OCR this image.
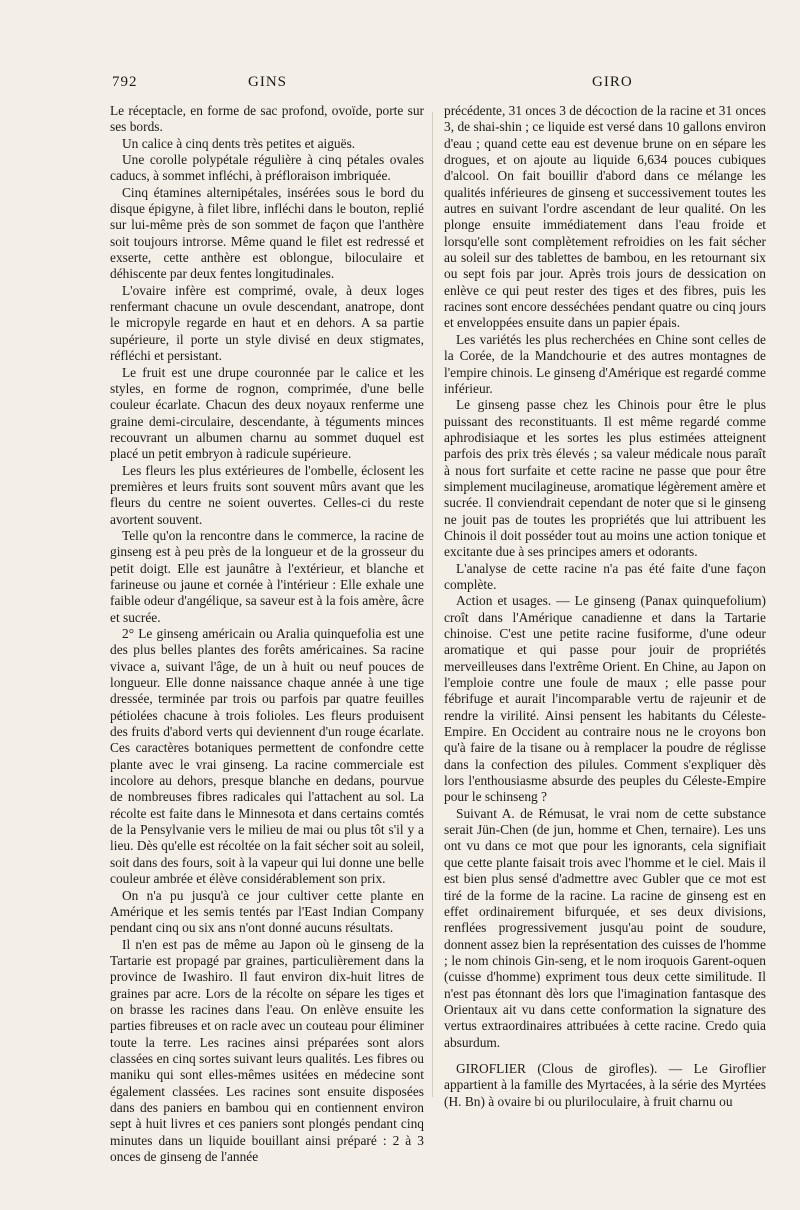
792	GINS	GIRO

Le réceptacle, en forme de sac profond, ovoïde, porte sur ses bords.

Un calice à cinq dents très petites et aiguës.

Une corolle polypétale régulière à cinq pétales ovales caducs, à sommet infléchi, à préfloraison imbriquée.

Cinq étamines alternipétales, insérées sous le bord du disque épigyne, à filet libre, infléchi dans le bouton, replié sur lui-même près de son sommet de façon que l'anthère soit toujours introrse. Même quand le filet est redressé et exserte, cette anthère est oblongue, biloculaire et déhiscente par deux fentes longitudinales.

L'ovaire infère est comprimé, ovale, à deux loges renfermant chacune un ovule descendant, anatrope, dont le micropyle regarde en haut et en dehors. A sa partie supérieure, il porte un style divisé en deux stigmates, réfléchi et persistant.

Le fruit est une drupe couronnée par le calice et les styles, en forme de rognon, comprimée, d'une belle couleur écarlate. Chacun des deux noyaux renferme une graine demi-circulaire, descendante, à téguments minces recouvrant un albumen charnu au sommet duquel est placé un petit embryon à radicule supérieure.

Les fleurs les plus extérieures de l'ombelle, éclosent les premières et leurs fruits sont souvent mûrs avant que les fleurs du centre ne soient ouvertes. Celles-ci du reste avortent souvent.

Telle qu'on la rencontre dans le commerce, la racine de ginseng est à peu près de la longueur et de la grosseur du petit doigt. Elle est jaunâtre à l'extérieur, et blanche et farineuse ou jaune et cornée à l'intérieur : Elle exhale une faible odeur d'angélique, sa saveur est à la fois amère, âcre et sucrée.

2° Le ginseng américain ou Aralia quinquefolia est une des plus belles plantes des forêts américaines. Sa racine vivace a, suivant l'âge, de un à huit ou neuf pouces de longueur. Elle donne naissance chaque année à une tige dressée, terminée par trois ou parfois par quatre feuilles pétiolées chacune à trois folioles. Les fleurs produisent des fruits d'abord verts qui deviennent d'un rouge écarlate. Ces caractères botaniques permettent de confondre cette plante avec le vrai ginseng. La racine commerciale est incolore au dehors, presque blanche en dedans, pourvue de nombreuses fibres radicales qui l'attachent au sol. La récolte est faite dans le Minnesota et dans certains comtés de la Pensylvanie vers le milieu de mai ou plus tôt s'il y a lieu. Dès qu'elle est récoltée on la fait sécher soit au soleil, soit dans des fours, soit à la vapeur qui lui donne une belle couleur ambrée et élève considérablement son prix.

On n'a pu jusqu'à ce jour cultiver cette plante en Amérique et les semis tentés par l'East Indian Company pendant cinq ou six ans n'ont donné aucuns résultats.

Il n'en est pas de même au Japon où le ginseng de la Tartarie est propagé par graines, particulièrement dans la province de Iwashiro. Il faut environ dix-huit litres de graines par acre. Lors de la récolte on sépare les tiges et on brasse les racines dans l'eau. On enlève ensuite les parties fibreuses et on racle avec un couteau pour éliminer toute la terre. Les racines ainsi préparées sont alors classées en cinq sortes suivant leurs qualités. Les fibres ou maniku qui sont elles-mêmes usitées en médecine sont également classées. Les racines sont ensuite disposées dans des paniers en bambou qui en contiennent environ sept à huit livres et ces paniers sont plongés pendant cinq minutes dans un liquide bouillant ainsi préparé : 2 à 3 onces de ginseng de l'année

précédente, 31 onces 3 de décoction de la racine et 31 onces 3, de shai-shin ; ce liquide est versé dans 10 gallons environ d'eau ; quand cette eau est devenue brune on en sépare les drogues, et on ajoute au liquide 6,634 pouces cubiques d'alcool. On fait bouillir d'abord dans ce mélange les qualités inférieures de ginseng et successivement toutes les autres en suivant l'ordre ascendant de leur qualité. On les plonge ensuite immédiatement dans l'eau froide et lorsqu'elle sont complètement refroidies on les fait sécher au soleil sur des tablettes de bambou, en les retournant six ou sept fois par jour. Après trois jours de dessication on enlève ce qui peut rester des tiges et des fibres, puis les racines sont encore desséchées pendant quatre ou cinq jours et enveloppées ensuite dans un papier épais.

Les variétés les plus recherchées en Chine sont celles de la Corée, de la Mandchourie et des autres montagnes de l'empire chinois. Le ginseng d'Amérique est regardé comme inférieur.

Le ginseng passe chez les Chinois pour être le plus puissant des reconstituants. Il est même regardé comme aphrodisiaque et les sortes les plus estimées atteignent parfois des prix très élevés ; sa valeur médicale nous paraît à nous fort surfaite et cette racine ne passe que pour être simplement mucilagineuse, aromatique légèrement amère et sucrée. Il conviendrait cependant de noter que si le ginseng ne jouit pas de toutes les propriétés que lui attribuent les Chinois il doit posséder tout au moins une action tonique et excitante due à ses principes amers et odorants.

L'analyse de cette racine n'a pas été faite d'une façon complète.

Action et usages. — Le ginseng (Panax quinquefolium) croît dans l'Amérique canadienne et dans la Tartarie chinoise. C'est une petite racine fusiforme, d'une odeur aromatique et qui passe pour jouir de propriétés merveilleuses dans l'extrême Orient. En Chine, au Japon on l'emploie contre une foule de maux ; elle passe pour fébrifuge et aurait l'incomparable vertu de rajeunir et de rendre la virilité. Ainsi pensent les habitants du Céleste-Empire. En Occident au contraire nous ne le croyons bon qu'à faire de la tisane ou à remplacer la poudre de réglisse dans la confection des pilules. Comment s'expliquer dès lors l'enthousiasme absurde des peuples du Céleste-Empire pour le schinseng ?

Suivant A. de Rémusat, le vrai nom de cette substance serait Jün-Chen (de jun, homme et Chen, ternaire). Les uns ont vu dans ce mot que pour les ignorants, cela signifiait que cette plante faisait trois avec l'homme et le ciel. Mais il est bien plus sensé d'admettre avec Gubler que ce mot est tiré de la forme de la racine. La racine de ginseng est en effet ordinairement bifurquée, et ses deux divisions, renflées progressivement jusqu'au point de soudure, donnent assez bien la représentation des cuisses de l'homme ; le nom chinois Gin-seng, et le nom iroquois Garent-oquen (cuisse d'homme) expriment tous deux cette similitude. Il n'est pas étonnant dès lors que l'imagination fantasque des Orientaux ait vu dans cette conformation la signature des vertus extraordinaires attribuées à cette racine. Credo quia absurdum.

GIROFLIER (Clous de girofles). — Le Giroflier appartient à la famille des Myrtacées, à la série des Myrtées (H. Bn) à ovaire bi ou pluriloculaire, à fruit charnu ou
